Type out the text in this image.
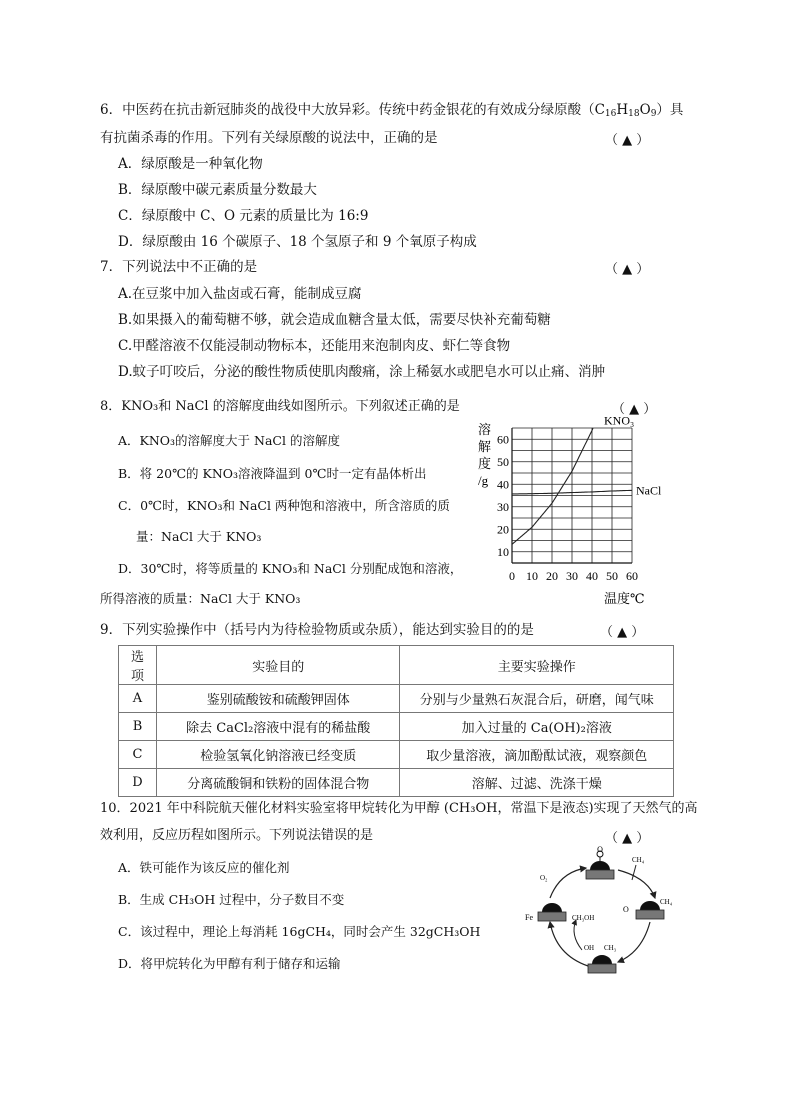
6．中医药在抗击新冠肺炎的战役中大放异彩。传统中药金银花的有效成分绿原酸$(C_{16}H_{18}O_9)$具
有抗菌杀毒的作用。下列有关绿原酸的说法中，正确的是	（ ▲ ）
A．绿原酸是一种氧化物
B．绿原酸中碳元素质量分数最大
C．绿原酸中 C、O 元素的质量比为 16:9
D．绿原酸由 16 个碳原子、18 个氢原子和 9 个氧原子构成
7．下列说法中不正确的是	（ ▲ ）
A.在豆浆中加入盐卤或石膏，能制成豆腐
B.如果摄入的葡萄糖不够，就会造成血糖含量太低，需要尽快补充葡萄糖
C.甲醛溶液不仅能浸制动物标本，还能用来泡制肉皮、虾仁等食物
D.蚊子叮咬后，分泌的酸性物质使肌肉酸痛，涂上稀氨水或肥皂水可以止痛、消肿
8．KNO₃和 NaCl 的溶解度曲线如图所示。下列叙述正确的是	（ ▲ ）
A．KNO₃的溶解度大于 NaCl 的溶解度
B．将 20℃的 KNO₃溶液降温到 0℃时一定有晶体析出
C．0℃时，KNO₃和 NaCl 两种饱和溶液中，所含溶质的质
量：NaCl 大于 KNO₃
D．30℃时，将等质量的 KNO₃和 NaCl 分别配成饱和溶液，
所得溶液的质量：NaCl 大于 KNO₃
10
20
30
40
50
60
0 10 20 30 40 50 60
溶
解
度
/g
温度℃
KNO₃
NaCl
9．下列实验操作中（括号内为待检验物质或杂质），能达到实验目的的是	（ ▲ ）
选项	实验目的	主要实验操作
A	鉴别硫酸铵和硫酸钾固体	分别与少量熟石灰混合后，研磨，闻气味
B	除去 CaCl₂溶液中混有的稀盐酸	加入过量的 Ca(OH)₂溶液
C	检验氢氧化钠溶液已经变质	取少量溶液，滴加酚酞试液，观察颜色
D	分离硫酸铜和铁粉的固体混合物	溶解、过滤、洗涤干燥
10．2021 年中科院航天催化材料实验室将甲烷转化为甲醇 (CH₃OH，常温下是液态)实现了天然气的高
效利用，反应历程如图所示。下列说法错误的是	（ ▲ ）
A．铁可能作为该反应的催化剂
B．生成 CH₃OH 过程中，分子数目不变
C．该过程中，理论上每消耗 16gCH₄，同时会产生 32gCH₃OH
D．将甲烷转化为甲醇有利于储存和运输
O
CH₄
O₂
CH₄
O
Fe	CH₃OH
OH CH₃
